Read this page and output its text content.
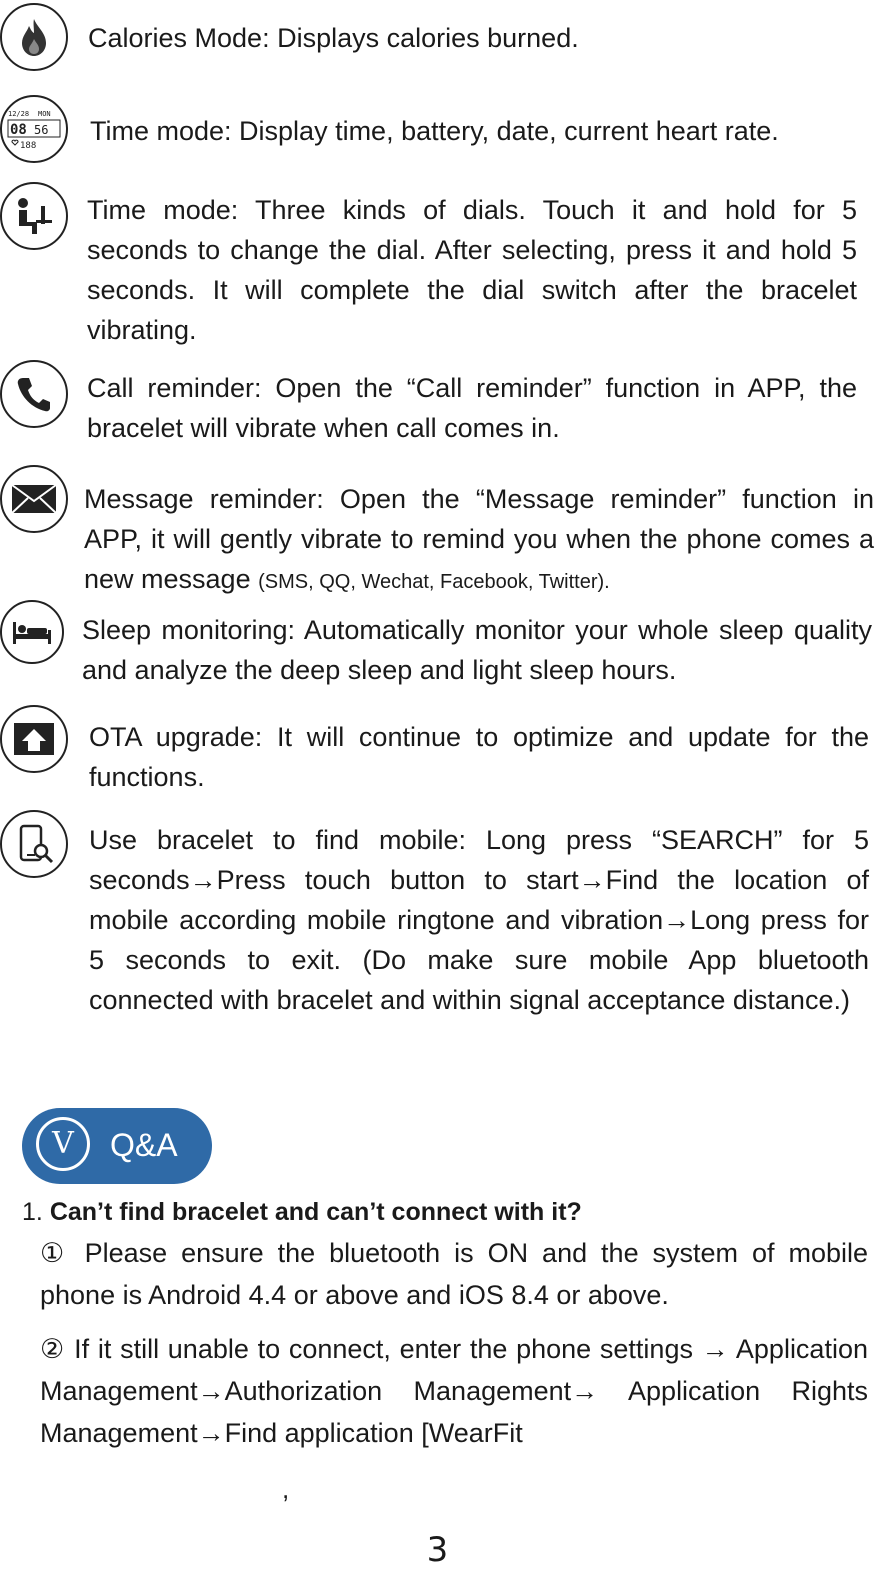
Calories Mode: Displays calories burned.
12/28 MON
08 56
188 Time mode: Display time, battery, date, current heart rate.
Time mode: Three kinds of dials. Touch it and hold for 5 seconds to change the dial. After selecting, press it and hold 5 seconds. It will complete the dial switch after the bracelet vibrating.
Call reminder: Open the “Call reminder” function in APP, the bracelet will vibrate when call comes in.
Message reminder: Open the “Message reminder” function in APP, it will gently vibrate to remind you when the phone comes a new message (SMS, QQ, Wechat, Facebook, Twitter).
Sleep monitoring: Automatically monitor your whole sleep quality and analyze the deep sleep and light sleep hours.
OTA upgrade: It will continue to optimize and update for the functions.
Use bracelet to find mobile: Long press “SEARCH” for 5 seconds→Press touch button to start→Find the location of mobile according mobile ringtone and vibration→Long press for 5 seconds to exit. (Do make sure mobile App bluetooth connected with bracelet and within signal acceptance distance.)
V	Q&A
1. Can’t find bracelet and can’t connect with it?
① Please ensure the bluetooth is ON and the system of mobile phone is Android 4.4 or above and iOS 8.4 or above.
② If it still unable to connect, enter the phone settings → Application Management→Authorization Management→ Application Rights Management→Find application [WearFit
,
3
